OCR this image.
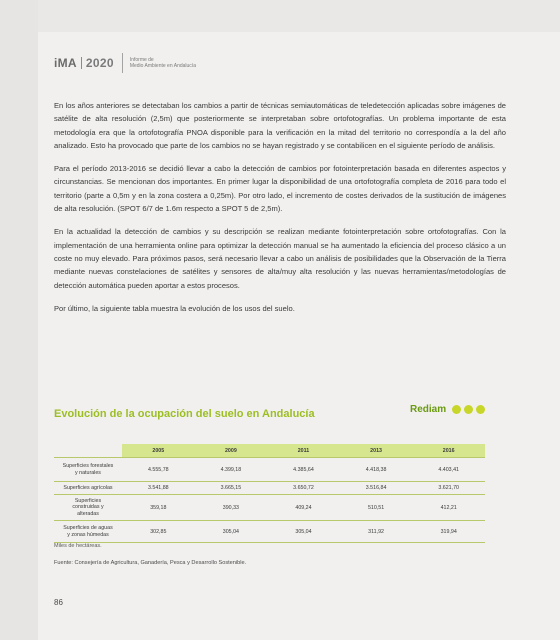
iMA 2020	Informe de
Medio Ambiente en Andalucía

En los años anteriores se detectaban los cambios a partir de técnicas semiautomáticas de teledetección aplicadas sobre imágenes de satélite de alta resolución (2,5m) que posteriormente se interpretaban sobre ortofotografías. Un problema importante de esta metodología era que la ortofotografía PNOA disponible para la verificación en la mitad del territorio no correspondía a la del año analizado. Esto ha provocado que parte de los cambios no se hayan registrado y se contabilicen en el siguiente período de análisis.

Para el período 2013-2016 se decidió llevar a cabo la detección de cambios por fotointerpretación basada en diferentes aspectos y circunstancias. Se mencionan dos importantes. En primer lugar la disponibilidad de una ortofotografía completa de 2016 para todo el territorio (parte a 0,5m y en la zona costera a 0,25m). Por otro lado, el incremento de costes derivados de la sustitución de imágenes de alta resolución. (SPOT 6/7 de 1.6m respecto a SPOT 5 de 2,5m).

En la actualidad la detección de cambios y su descripción se realizan mediante fotointerpretación sobre ortofotografías. Con la implementación de una herramienta online para optimizar la detección manual se ha aumentado la eficiencia del proceso clásico a un coste no muy elevado. Para próximos pasos, será necesario llevar a cabo un análisis de posibilidades que la Observación de la Tierra mediante nuevas constelaciones de satélites y sensores de alta/muy alta resolución y las nuevas herramientas/metodologías de detección automática pueden aportar a estos procesos.

Por último, la siguiente tabla muestra la evolución de los usos del suelo.

Evolución de la ocupación del suelo en Andalucía	Rediam
	2005	2009	2011	2013	2016

Superficies forestales
y naturales	4.555,78	4.399,18	4.385,64	4.418,38	4.403,41

Superficies agrícolas	3.541,88	3.665,15	3.650,72	3.516,84	3.621,70

Superficies
construidas y
alteradas	359,18	390,33	409,24	510,51	412,21

Superficies de aguas
y zonas húmedas	302,85	305,04	305,04	311,92	319,94
Miles de hectáreas.
Fuente: Consejería de Agricultura, Ganadería, Pesca y Desarrollo Sostenible.
86
